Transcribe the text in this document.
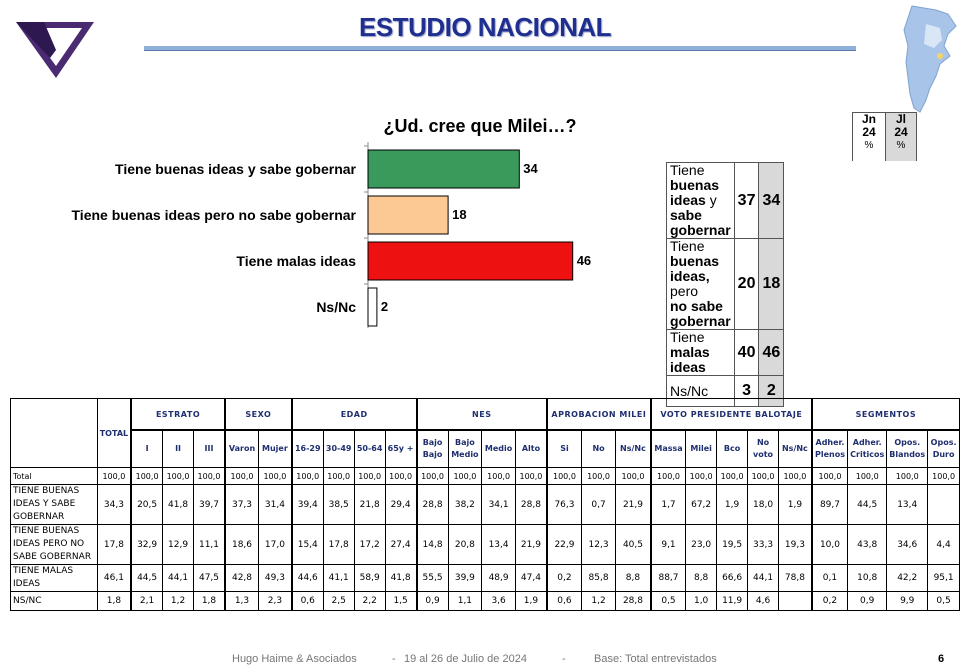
ESTUDIO NACIONAL
¿Ud. cree que Milei…?
Tiene buenas ideas y sabe gobernar	34
Tiene buenas ideas pero no sabe gobernar	18
Tiene malas ideas	46
Ns/Nc 2
Jn
24
%
Jl
24
%
Tiene buenas ideas y
sabe gobernar	37	34
Tiene buenas ideas, pero
no sabe gobernar	20	18
Tiene malas ideas	40	46
Ns/Nc	3	2
	TOTAL	ESTRATO			SEXO		EDAD				NES				APROBACION MILEI			VOTO PRESIDENTE BALOTAJE					SEGMENTOS			
		I	II	III	Varon	Mujer	16-29	30-49	50-64	65y +	Bajo Bajo	Bajo Medio	Medio	Alto	Si	No	Ns/Nc	Massa	Milei	Bco	No voto	Ns/Nc	Adher. Plenos	Adher. Criticos	Opos. Blandos	Opos. Duro
Total	100,0	100,0	100,0	100,0	100,0	100,0	100,0	100,0	100,0	100,0	100,0	100,0	100,0	100,0	100,0	100,0	100,0	100,0	100,0	100,0	100,0	100,0	100,0	100,0	100,0	100,0
TIENE BUENAS IDEAS Y SABE GOBERNAR	34,3	20,5	41,8	39,7	37,3	31,4	39,4	38,5	21,8	29,4	28,8	38,2	34,1	28,8	76,3	0,7	21,9	1,7	67,2	1,9	18,0	1,9	89,7	44,5	13,4	
TIENE BUENAS IDEAS PERO NO SABE GOBERNAR	17,8	32,9	12,9	11,1	18,6	17,0	15,4	17,8	17,2	27,4	14,8	20,8	13,4	21,9	22,9	12,3	40,5	9,1	23,0	19,5	33,3	19,3	10,0	43,8	34,6	4,4
TIENE MALAS IDEAS	46,1	44,5	44,1	47,5	42,8	49,3	44,6	41,1	58,9	41,8	55,5	39,9	48,9	47,4	0,2	85,8	8,8	88,7	8,8	66,6	44,1	78,8	0,1	10,8	42,2	95,1
NS/NC	1,8	2,1	1,2	1,8	1,3	2,3	0,6	2,5	2,2	1,5	0,9	1,1	3,6	1,9	0,6	1,2	28,8	0,5	1,0	11,9	4,6		0,2	0,9	9,9	0,5
Hugo Haime & Asociados	- 19 al 26 de Julio de 2024	-	Base: Total entrevistados	6
